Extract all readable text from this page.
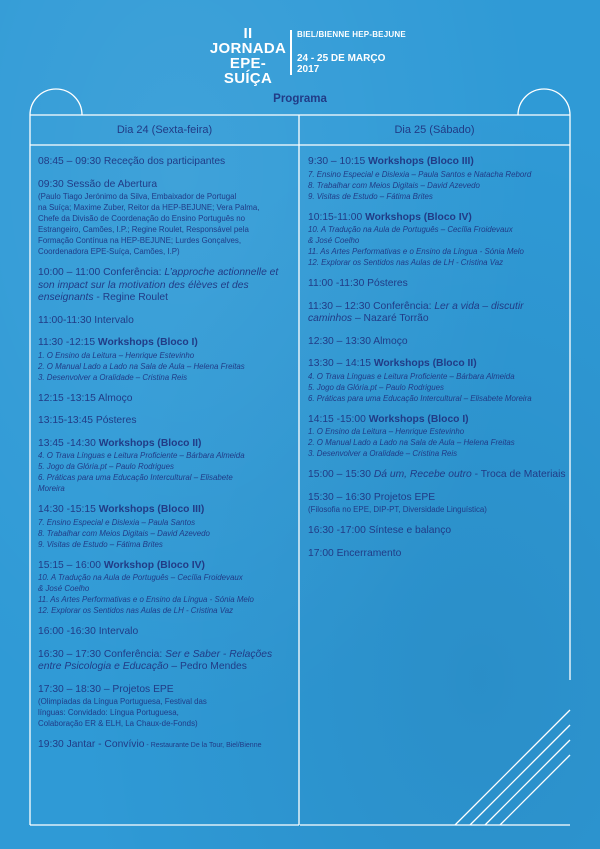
II JORNADA
EPE-SUÍÇA
BIEL/BIENNE HEP-BEJUNE
24 - 25 DE MARÇO 2017
Programa
Dia 24 (Sexta-feira)	Dia 25 (Sábado)
08:45 – 09:30 Receção dos participantes
09:30 Sessão de Abertura
(Paulo Tiago Jerónimo da Silva, Embaixador de Portugal
na Suíça; Maxime Zuber, Reitor da HEP-BEJUNE; Vera Palma,
Chefe da Divisão de Coordenação do Ensino Português no
Estrangeiro, Camões, I.P.; Regine Roulet, Responsável pela
Formação Contínua na HEP-BEJUNE; Lurdes Gonçalves,
Coordenadora EPE-Suíça, Camões, I.P)
10:00 – 11:00 Conferência: L’approche actionnelle et son impact sur la motivation des élèves et des enseignants - Regine Roulet
11:00-11:30 Intervalo
11:30 -12:15 Workshops (Bloco I)
1. O Ensino da Leitura – Henrique Estevinho
2. O Manual Lado a Lado na Sala de Aula – Helena Freitas
3. Desenvolver a Oralidade – Cristina Reis
12:15 -13:15 Almoço
13:15-13:45 Pósteres
13:45 -14:30 Workshops (Bloco II)
4. O Trava Línguas e Leitura Proficiente – Bárbara Almeida
5. Jogo da Glória.pt – Paulo Rodrigues
6. Práticas para uma Educação Intercultural – Elisabete
Moreira
14:30 -15:15 Workshops (Bloco III)
7. Ensino Especial e Dislexia – Paula Santos
8. Trabalhar com Meios Digitais – David Azevedo
9. Visitas de Estudo – Fátima Brites
15:15 – 16:00 Workshop (Bloco IV)
10. A Tradução na Aula de Português – Cecília Froidevaux
& José Coelho
11. As Artes Performativas e o Ensino da Língua - Sónia Melo
12. Explorar os Sentidos nas Aulas de LH - Cristina Vaz
16:00 -16:30 Intervalo
16:30 – 17:30 Conferência: Ser e Saber - Relações entre Psicologia e Educação – Pedro Mendes
17:30 – 18:30 – Projetos EPE
(Olimpíadas da Língua Portuguesa, Festival das
línguas: Convidado: Língua Portuguesa,
Colaboração ER & ELH, La Chaux-de-Fonds)
19:30 Jantar - Convívio - Restaurante De la Tour, Biel/Bienne
9:30 – 10:15 Workshops (Bloco III)
7. Ensino Especial e Dislexia – Paula Santos e Natacha Rebord
8. Trabalhar com Meios Digitais – David Azevedo
9. Visitas de Estudo – Fátima Brites
10:15-11:00 Workshops (Bloco IV)
10. A Tradução na Aula de Português – Cecília Froidevaux
& José Coelho
11. As Artes Performativas e o Ensino da Língua - Sónia Melo
12. Explorar os Sentidos nas Aulas de LH - Cristina Vaz
11:00 -11:30 Pósteres
11:30 – 12:30 Conferência: Ler a vida – discutir caminhos – Nazaré Torrão
12:30 – 13:30 Almoço
13:30 – 14:15 Workshops (Bloco II)
4. O Trava Línguas e Leitura Proficiente – Bárbara Almeida
5. Jogo da Glória.pt – Paulo Rodrigues
6. Práticas para uma Educação Intercultural – Elisabete Moreira
14:15 -15:00 Workshops (Bloco I)
1. O Ensino da Leitura – Henrique Estevinho
2. O Manual Lado a Lado na Sala de Aula – Helena Freitas
3. Desenvolver a Oralidade – Cristina Reis
15:00 – 15:30 Dá um, Recebe outro - Troca de Materiais
15:30 – 16:30 Projetos EPE
(Filosofia no EPE, DIP-PT, Diversidade Linguística)
16:30 -17:00 Síntese e balanço
17:00 Encerramento
